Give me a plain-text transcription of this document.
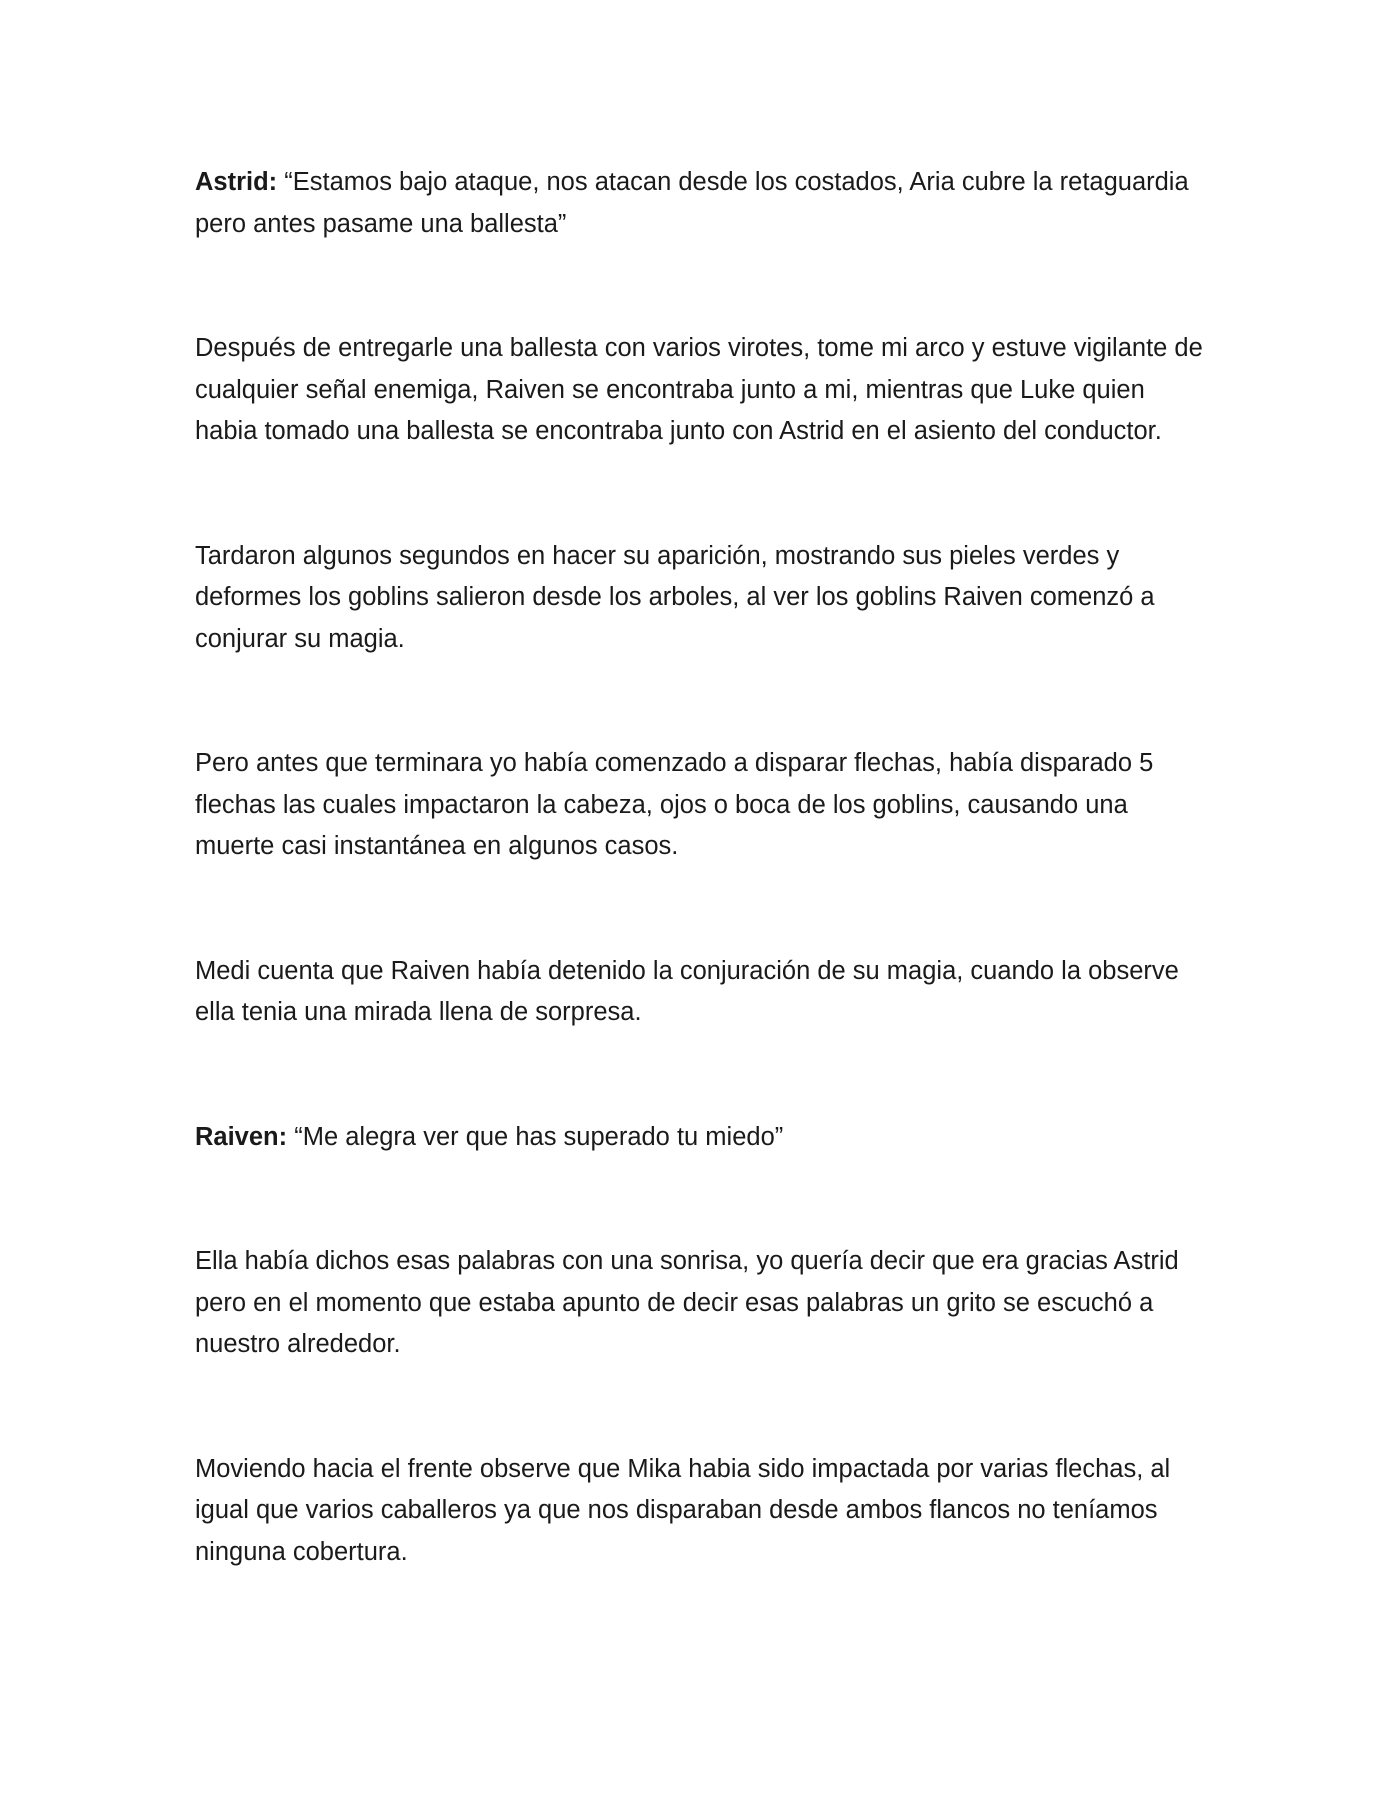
Astrid: “Estamos bajo ataque, nos atacan desde los costados, Aria cubre la retaguardia pero antes pasame una ballesta”

Después de entregarle una ballesta con varios virotes, tome mi arco y estuve vigilante de cualquier señal enemiga, Raiven se encontraba junto a mi, mientras que Luke quien habia tomado una ballesta se encontraba junto con Astrid en el asiento del conductor.

Tardaron algunos segundos en hacer su aparición, mostrando sus pieles verdes y deformes los goblins salieron desde los arboles, al ver los goblins Raiven comenzó a conjurar su magia.

Pero antes que terminara yo había comenzado a disparar flechas, había disparado 5 flechas las cuales impactaron la cabeza, ojos o boca de los goblins, causando una muerte casi instantánea en algunos casos.

Medi cuenta que Raiven había detenido la conjuración de su magia, cuando la observe ella tenia una mirada llena de sorpresa.

Raiven: “Me alegra ver que has superado tu miedo”

Ella había dichos esas palabras con una sonrisa, yo quería decir que era gracias Astrid pero en el momento que estaba apunto de decir esas palabras un grito se escuchó a nuestro alrededor.

Moviendo hacia el frente observe que Mika habia sido impactada por varias flechas, al igual que varios caballeros ya que nos disparaban desde ambos flancos no teníamos ninguna cobertura.
